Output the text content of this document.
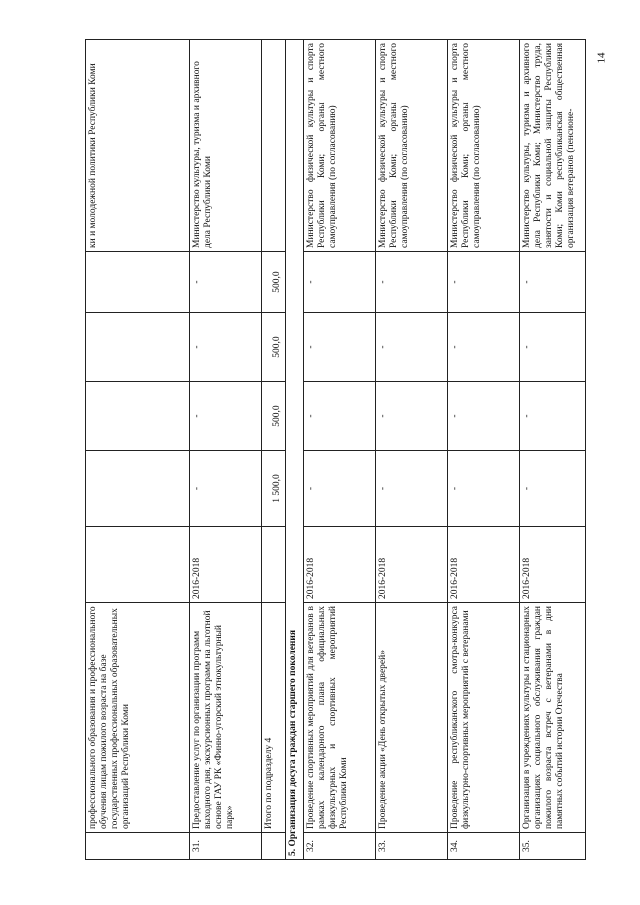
14
	профессионального образования и профессионального обучения лицам пожилого возраста на базе государственных профессиональных образовательных организаций Республики Коми						ки и молодежной политики Республики Коми
31.	Предоставление услуг по организации программ выходного дня, экскурсионных программ на льготной основе ГАУ РК «Финно-угорский этнокультурный парк»	2016-2018	-	-	-	-	Министерство культуры, туризма и архивного дела Республики Коми
	Итого по подразделу 4		1 500,0	500,0	500,0	500,0	
5. Организация досуга граждан старшего поколения							
32.	Проведение спортивных мероприятий для ветеранов в рамках календарного плана официальных физкультурных и спортивных мероприятий Республики Коми	2016-2018	-	-	-	-	Министерство физической культуры и спорта Республики Коми; органы местного самоуправления (по согласованию)
33.	Проведение акции «День открытых дверей»	2016-2018	-	-	-	-	Министерство физической культуры и спорта Республики Коми; органы местного самоуправления (по согласованию)
34.	Проведение республиканского смотра-конкурса физкультурно-спортивных мероприятий с ветеранами	2016-2018	-	-	-	-	Министерство физической культуры и спорта Республики Коми; органы местного самоуправления (по согласованию)
35.	Организация в учреждениях культуры и стационарных организациях социального обслуживания граждан пожилого возраста встреч с ветеранами в дни памятных событий истории Отечества	2016-2018	-	-	-	-	Министерство культуры, туризма и архивного дела Республики Коми; Министерство труда, занятости и социальной защиты Республики Коми; Коми республиканская общественная организация ветеранов (пенсионе-
